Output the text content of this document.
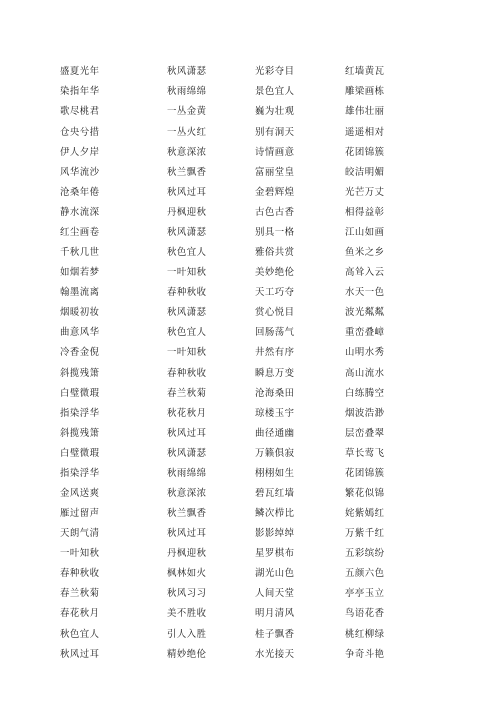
盛夏光年	秋风潇瑟	光彩夺目	红墙黄瓦
染指年华	秋雨绵绵	景色宜人	雕梁画栋
歌尽桃君	一丛金黄	巍为壮观	雄伟壮丽
仓央兮措	一丛火红	别有洞天	遥遥相对
伊人夕岸	秋意深浓	诗情画意	花团锦簇
风华流沙	秋兰飘香	富丽堂皇	皎洁明媚
沧桑年倦	秋风过耳	金碧辉煌	光芒万丈
静水流深	丹枫迎秋	古色古香	相得益彰
红尘画卷	秋风潇瑟	别具一格	江山如画
千秋几世	秋色宜人	雅俗共赏	鱼米之乡
如烟若梦	一叶知秋	美妙绝伦	高耸入云
翰墨流离	春种秋收	天工巧夺	水天一色
烟暖初妆	秋风潇瑟	赏心悦目	波光粼粼
曲意风华	秋色宜人	回肠荡气	重峦叠嶂
冷香金倪	一叶知秋	井然有序	山明水秀
斜揽残箫	春种秋收	瞬息万变	高山流水
白璧微瑕	春兰秋菊	沧海桑田	白练腾空
指染浮华	秋花秋月	琼楼玉宇	烟波浩渺
斜揽残箫	秋风过耳	曲径通幽	层峦叠翠
白璧微瑕	秋风潇瑟	万籁俱寂	草长莺飞
指染浮华	秋雨绵绵	栩栩如生	花团锦簇
金风送爽	秋意深浓	碧瓦红墙	繁花似锦
雁过留声	秋兰飘香	鳞次栉比	姹紫嫣红
天朗气清	秋风过耳	影影绰绰	万紫千红
一叶知秋	丹枫迎秋	星罗棋布	五彩缤纷
春种秋收	枫林如火	湖光山色	五颜六色
春兰秋菊	秋风习习	人间天堂	亭亭玉立
春花秋月	美不胜收	明月清风	鸟语花香
秋色宜人	引人入胜	桂子飘香	桃红柳绿
秋风过耳	精妙绝伦	水光接天	争奇斗艳
